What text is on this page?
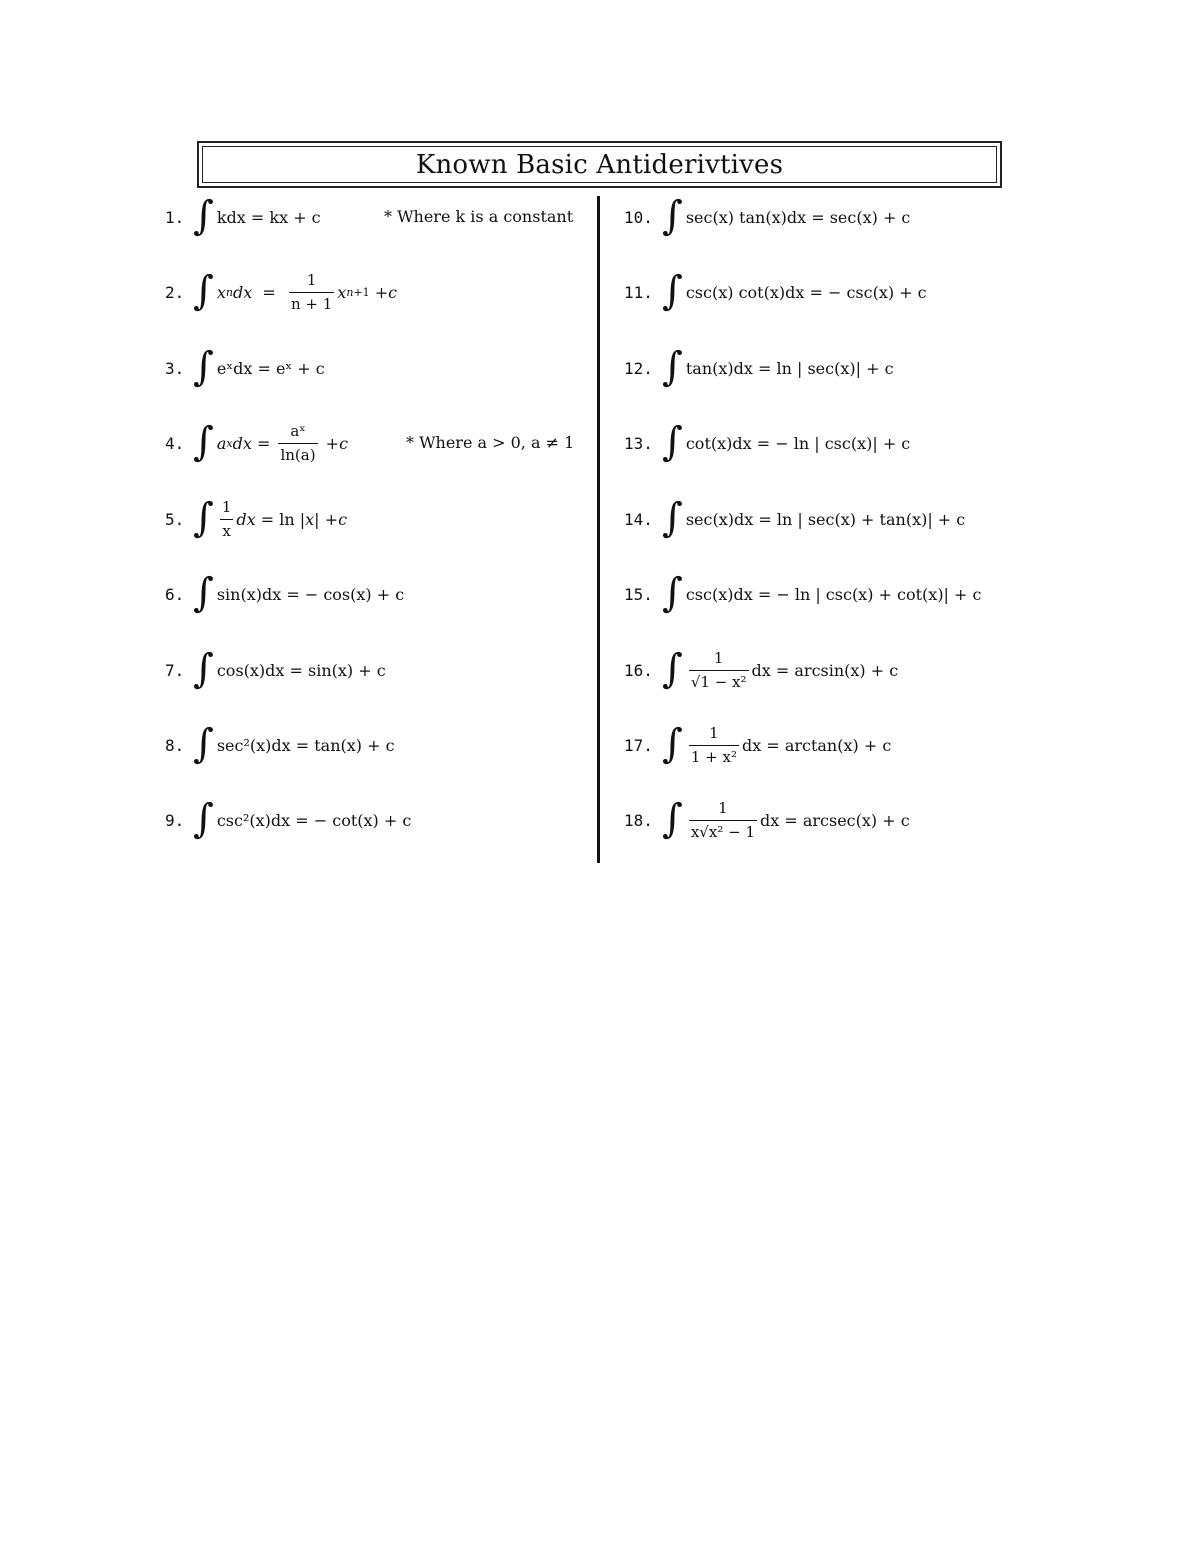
Known Basic Antiderivtives
1. ∫ kdx = kx + c	* Where k is a constant
2. ∫ x n dx = $\frac{1}{n + 1}$ x n+1 + c
3. ∫ eˣdx = eˣ + c
4. ∫ a x dx = $\frac{\text{aˣ}}{\ln(a)} + c$	* Where a > 0, a ≠ 1
5. ∫ $\frac{1}{x}$ dx = ln | x | + c
6. ∫ sin(x)dx = − cos(x) + c
7. ∫ cos(x)dx = sin(x) + c
8. ∫ sec²(x)dx = tan(x) + c
9. ∫ csc²(x)dx = − cot(x) + c
10. ∫ sec(x) tan(x)dx = sec(x) + c
11. ∫ csc(x) cot(x)dx = − csc(x) + c
12. ∫ tan(x)dx = ln | sec(x)| + c
13. ∫ cot(x)dx = − ln | csc(x)| + c
14. ∫ sec(x)dx = ln | sec(x) + tan(x)| + c
15. ∫ csc(x)dx = − ln | csc(x) + cot(x)| + c
16. ∫ $\frac{1}{\text{√1 − x²}}$ dx = arcsin(x) + c
17. ∫ $\frac{1}{\text{1 + x²}}$ dx = arctan(x) + c
18. ∫ $\frac{1}{\text{x√x² − 1}}$ dx = arcsec(x) + c
